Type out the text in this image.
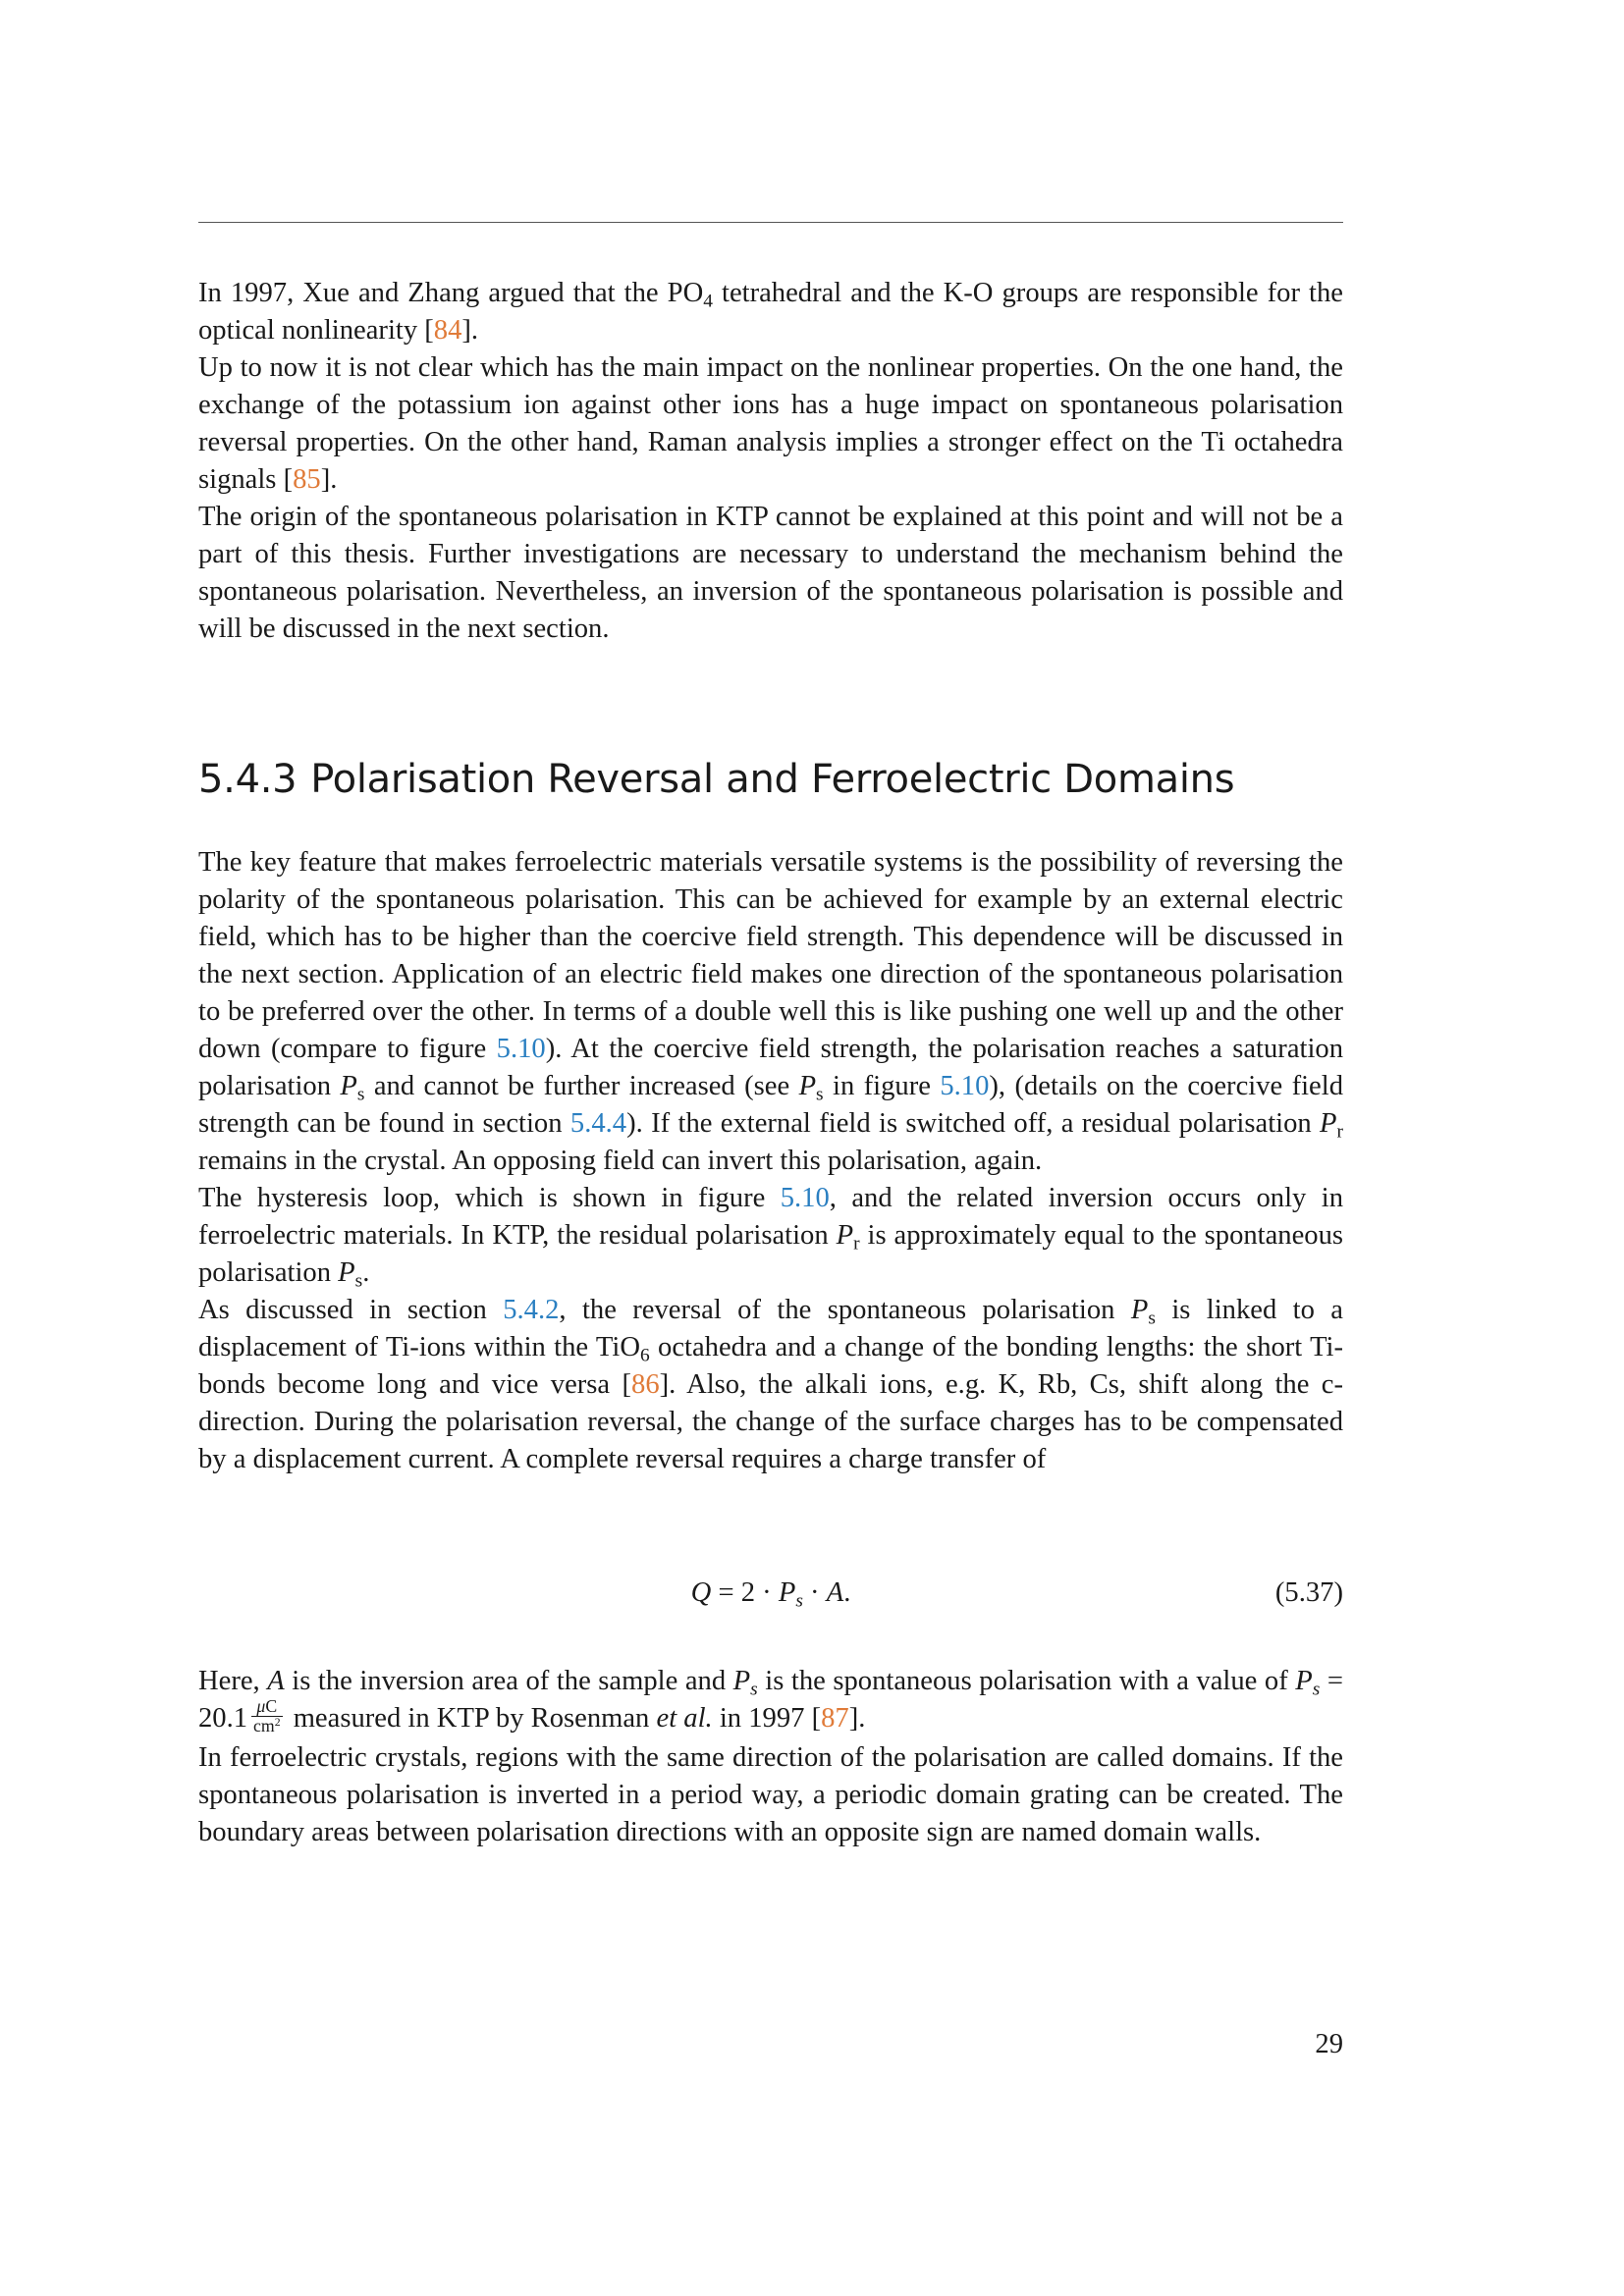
In 1997, Xue and Zhang argued that the $PO_4$ tetrahedral and the K-O groups are responsible for the optical nonlinearity [84].

Up to now it is not clear which has the main impact on the nonlinear properties. On the one hand, the exchange of the potassium ion against other ions has a huge impact on spontaneous polarisation reversal properties. On the other hand, Raman analysis implies a stronger effect on the Ti octahedra signals [85].

The origin of the spontaneous polarisation in KTP cannot be explained at this point and will not be a part of this thesis. Further investigations are necessary to understand the mechanism behind the spontaneous polarisation. Nevertheless, an inversion of the spontaneous polarisation is possible and will be discussed in the next section.

5.4.3 Polarisation Reversal and Ferroelectric Domains

The key feature that makes ferroelectric materials versatile systems is the possibility of reversing the polarity of the spontaneous polarisation. This can be achieved for example by an external electric field, which has to be higher than the coercive field strength. This dependence will be discussed in the next section. Application of an electric field makes one direction of the spontaneous polarisation to be preferred over the other. In terms of a double well this is like pushing one well up and the other down (compare to figure 5.10). At the coercive field strength, the polarisation reaches a saturation polarisation $P_s$ and cannot be further increased (see $P_s$ in figure 5.10), (details on the coercive field strength can be found in section 5.4.4). If the external field is switched off, a residual polarisation $P_r$ remains in the crystal. An opposing field can invert this polarisation, again.

The hysteresis loop, which is shown in figure 5.10, and the related inversion occurs only in ferroelectric materials. In KTP, the residual polarisation $P_r$ is approximately equal to the spontaneous polarisation $P_s$.

As discussed in section 5.4.2, the reversal of the spontaneous polarisation $P_s$ is linked to a displacement of Ti-ions within the TiO$_6$ octahedra and a change of the bonding lengths: the short Ti-bonds become long and vice versa [86]. Also, the alkali ions, e.g. K, Rb, Cs, shift along the c-direction. During the polarisation reversal, the change of the surface charges has to be compensated by a displacement current. A complete reversal requires a charge transfer of

$Q = 2 \cdot P_s \cdot A$.	(5.37)

Here, A is the inversion area of the sample and $P_s$ is the spontaneous polarisation with a value of $P_s = 20.1 \frac{\mu C}{cm^2}$ measured in KTP by Rosenman et al. in 1997 [87].

In ferroelectric crystals, regions with the same direction of the polarisation are called domains. If the spontaneous polarisation is inverted in a period way, a periodic domain grating can be created. The boundary areas between polarisation directions with an opposite sign are named domain walls.

29
